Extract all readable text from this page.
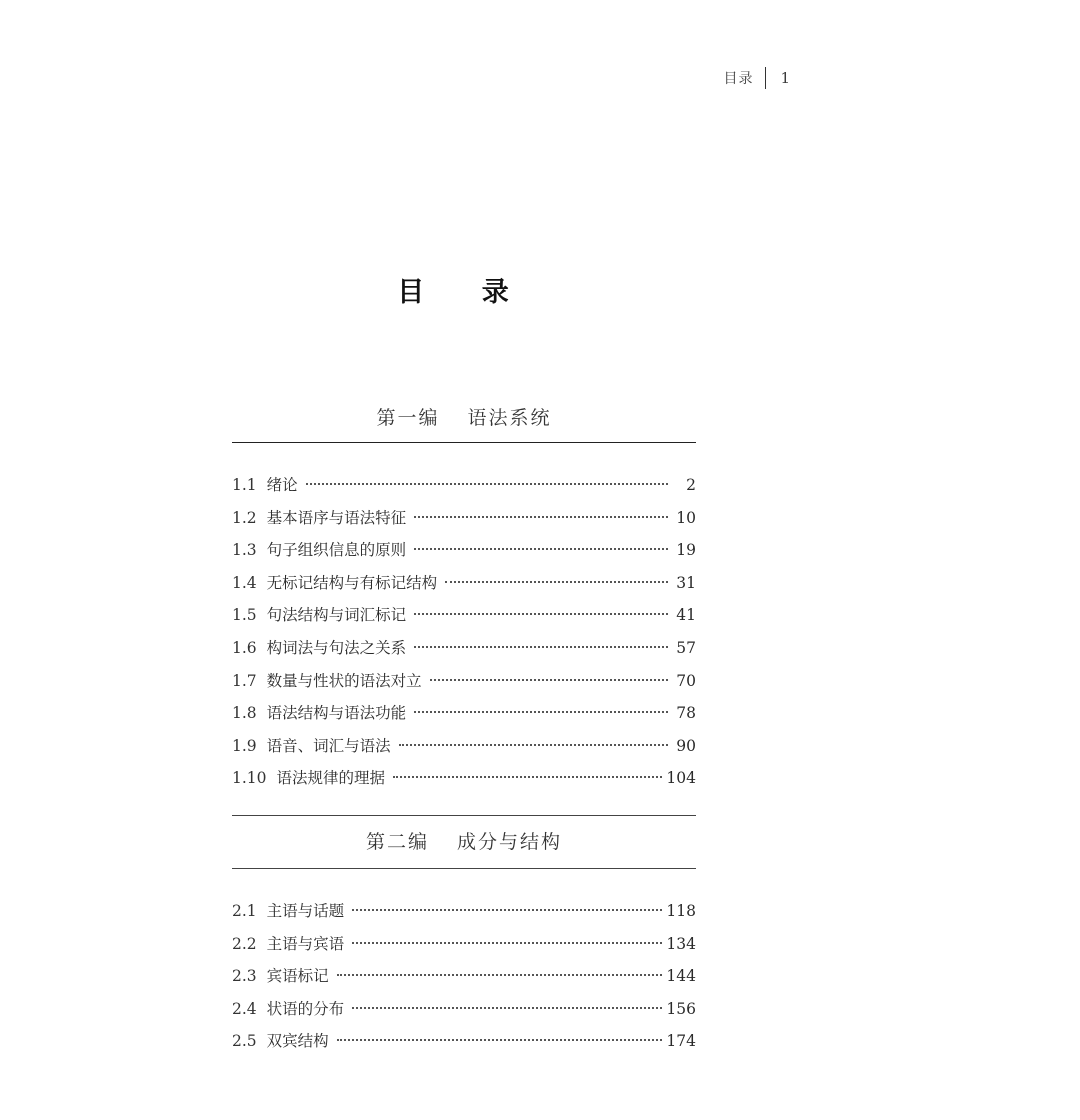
目录 1
目 录
第一编 语法系统
1.1 绪论	2
1.2 基本语序与语法特征	10
1.3 句子组织信息的原则	19
1.4 无标记结构与有标记结构	31
1.5 句法结构与词汇标记	41
1.6 构词法与句法之关系	57
1.7 数量与性状的语法对立	70
1.8 语法结构与语法功能	78
1.9 语音、词汇与语法	90
1.10 语法规律的理据	104
第二编 成分与结构
2.1 主语与话题	118
2.2 主语与宾语	134
2.3 宾语标记	144
2.4 状语的分布	156
2.5 双宾结构	174
